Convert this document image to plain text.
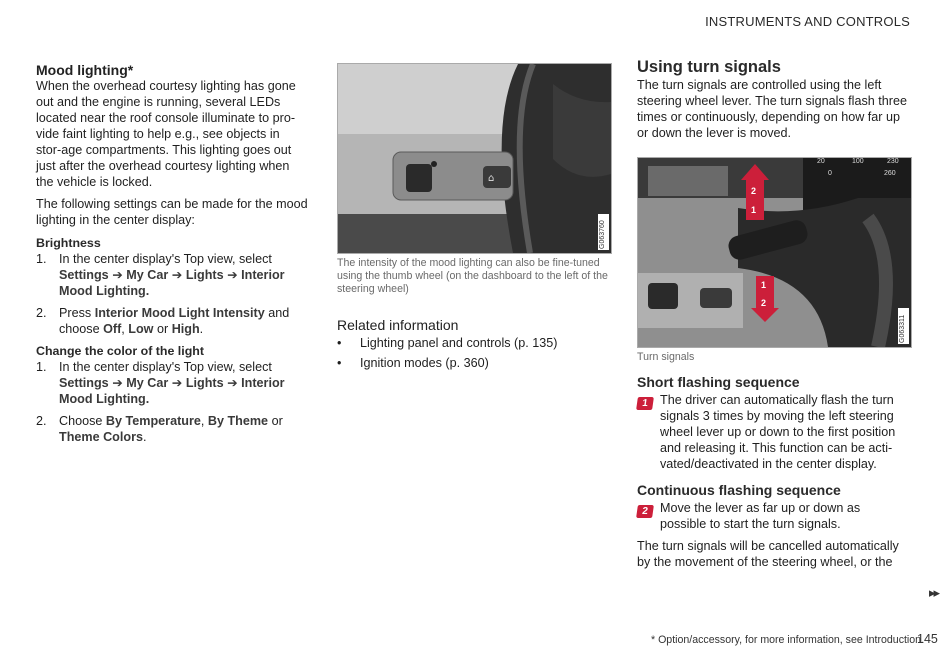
INSTRUMENTS AND CONTROLS
Mood lighting*

When the overhead courtesy lighting has gone out and the engine is running, several LEDs located near the roof console illuminate to pro-vide faint lighting to help e.g., see objects in stor-age compartments. This lighting goes out just after the overhead courtesy lighting when the vehicle is locked.

The following settings can be made for the mood lighting in the center display:

Brightness
1. In the center display's Top view, select
Settings ➔ My Car ➔ Lights ➔ Interior Mood Lighting.
2. Press Interior Mood Light Intensity and choose Off, Low or High.
Change the color of the light
1. In the center display's Top view, select
Settings ➔ My Car ➔ Lights ➔ Interior Mood Lighting.
2. Choose By Temperature, By Theme or Theme Colors.
⌂
G063760
The intensity of the mood lighting can also be fine-tuned using the thumb wheel (on the dashboard to the left of the steering wheel)
Related information
•	Lighting panel and controls (p. 135)
•	Ignition modes (p. 360)
Using turn signals

The turn signals are controlled using the left steering wheel lever. The turn signals flash three times or continuously, depending on how far up or down the lever is moved.

20	100	230
0	260
2
1
1
2
G063311
Turn signals
Short flashing sequence
1 The driver can automatically flash the turn signals 3 times by moving the left steering wheel lever up or down to the first position and releasing it. This function can be acti-vated/deactivated in the center display.
Continuous flashing sequence
2 Move the lever as far up or down as possible to start the turn signals.

The turn signals will be cancelled automatically by the movement of the steering wheel, or the

▸▸
* Option/accessory, for more information, see Introduction.
145
